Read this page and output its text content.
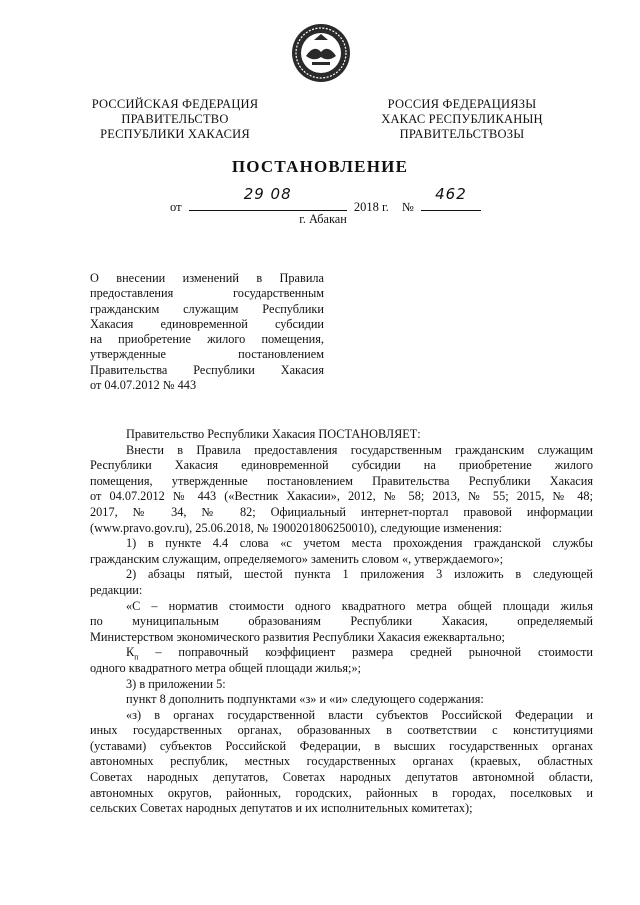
РОССИЙСКАЯ ФЕДЕРАЦИЯ
ПРАВИТЕЛЬСТВО
РЕСПУБЛИКИ ХАКАСИЯ
РОССИЯ ФЕДЕРАЦИЯЗЫ
ХАКАС РЕСПУБЛИКАНЫҢ
ПРАВИТЕЛЬСТВОЗЫ
ПОСТАНОВЛЕНИЕ
от
29 08
2018 г. №
462
г. Абакан
О внесении изменений в Правила
предоставления государственным
гражданским служащим Республики
Хакасия единовременной субсидии
на приобретение жилого помещения,
утвержденные постановлением
Правительства Республики Хакасия
от 04.07.2012 № 443

Правительство Республики Хакасия ПОСТАНОВЛЯЕТ:

Внести в Правила предоставления государственным гражданским служащим

Республики Хакасия единовременной субсидии на приобретение жилого

помещения, утвержденные постановлением Правительства Республики Хакасия

от 04.07.2012 № 443 («Вестник Хакасии», 2012, № 58; 2013, № 55; 2015, № 48;

2017, № 34, № 82; Официальный интернет-портал правовой информации

(www.pravo.gov.ru), 25.06.2018, № 1900201806250010), следующие изменения:

1) в пункте 4.4 слова «с учетом места прохождения гражданской службы

гражданским служащим, определяемого» заменить словом «, утверждаемого»;

2) абзацы пятый, шестой пункта 1 приложения 3 изложить в следующей

редакции:

«С – норматив стоимости одного квадратного метра общей площади жилья

по муниципальным образованиям Республики Хакасия, определяемый

Министерством экономического развития Республики Хакасия ежеквартально;

$К_п$ – поправочный коэффициент размера средней рыночной стоимости

одного квадратного метра общей площади жилья;»;

3) в приложении 5:

пункт 8 дополнить подпунктами «з» и «и» следующего содержания:

«з) в органах государственной власти субъектов Российской Федерации и

иных государственных органах, образованных в соответствии с конституциями

(уставами) субъектов Российской Федерации, в высших государственных органах

автономных республик, местных государственных органах (краевых, областных

Советах народных депутатов, Советах народных депутатов автономной области,

автономных округов, районных, городских, районных в городах, поселковых и

сельских Советах народных депутатов и их исполнительных комитетах);
